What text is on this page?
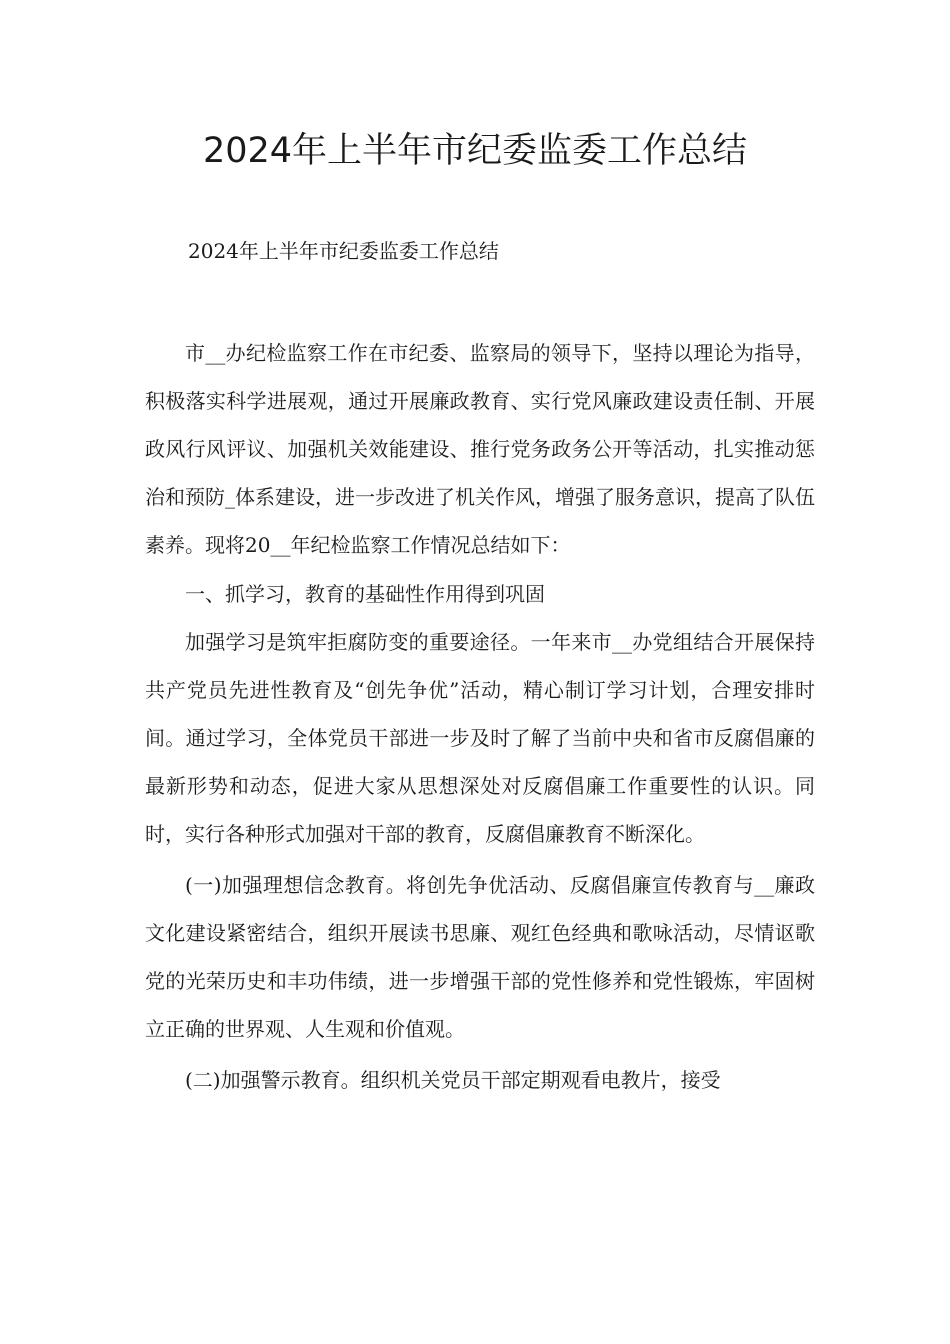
2024年上半年市纪委监委工作总结

2024年上半年市纪委监委工作总结

市__办纪检监察工作在市纪委、监察局的领导下，坚持以理论为指导，积极落实科学进展观，通过开展廉政教育、实行党风廉政建设责任制、开展政风行风评议、加强机关效能建设、推行党务政务公开等活动，扎实推动惩治和预防_体系建设，进一步改进了机关作风，增强了服务意识，提高了队伍素养。现将20__年纪检监察工作情况总结如下：

一、抓学习，教育的基础性作用得到巩固

加强学习是筑牢拒腐防变的重要途径。一年来市__办党组结合开展保持共产党员先进性教育及“创先争优”活动，精心制订学习计划，合理安排时间。通过学习，全体党员干部进一步及时了解了当前中央和省市反腐倡廉的最新形势和动态，促进大家从思想深处对反腐倡廉工作重要性的认识。同时，实行各种形式加强对干部的教育，反腐倡廉教育不断深化。

(一)加强理想信念教育。将创先争优活动、反腐倡廉宣传教育与__廉政文化建设紧密结合，组织开展读书思廉、观红色经典和歌咏活动，尽情讴歌党的光荣历史和丰功伟绩，进一步增强干部的党性修养和党性锻炼，牢固树立正确的世界观、人生观和价值观。

(二)加强警示教育。组织机关党员干部定期观看电教片，接受
